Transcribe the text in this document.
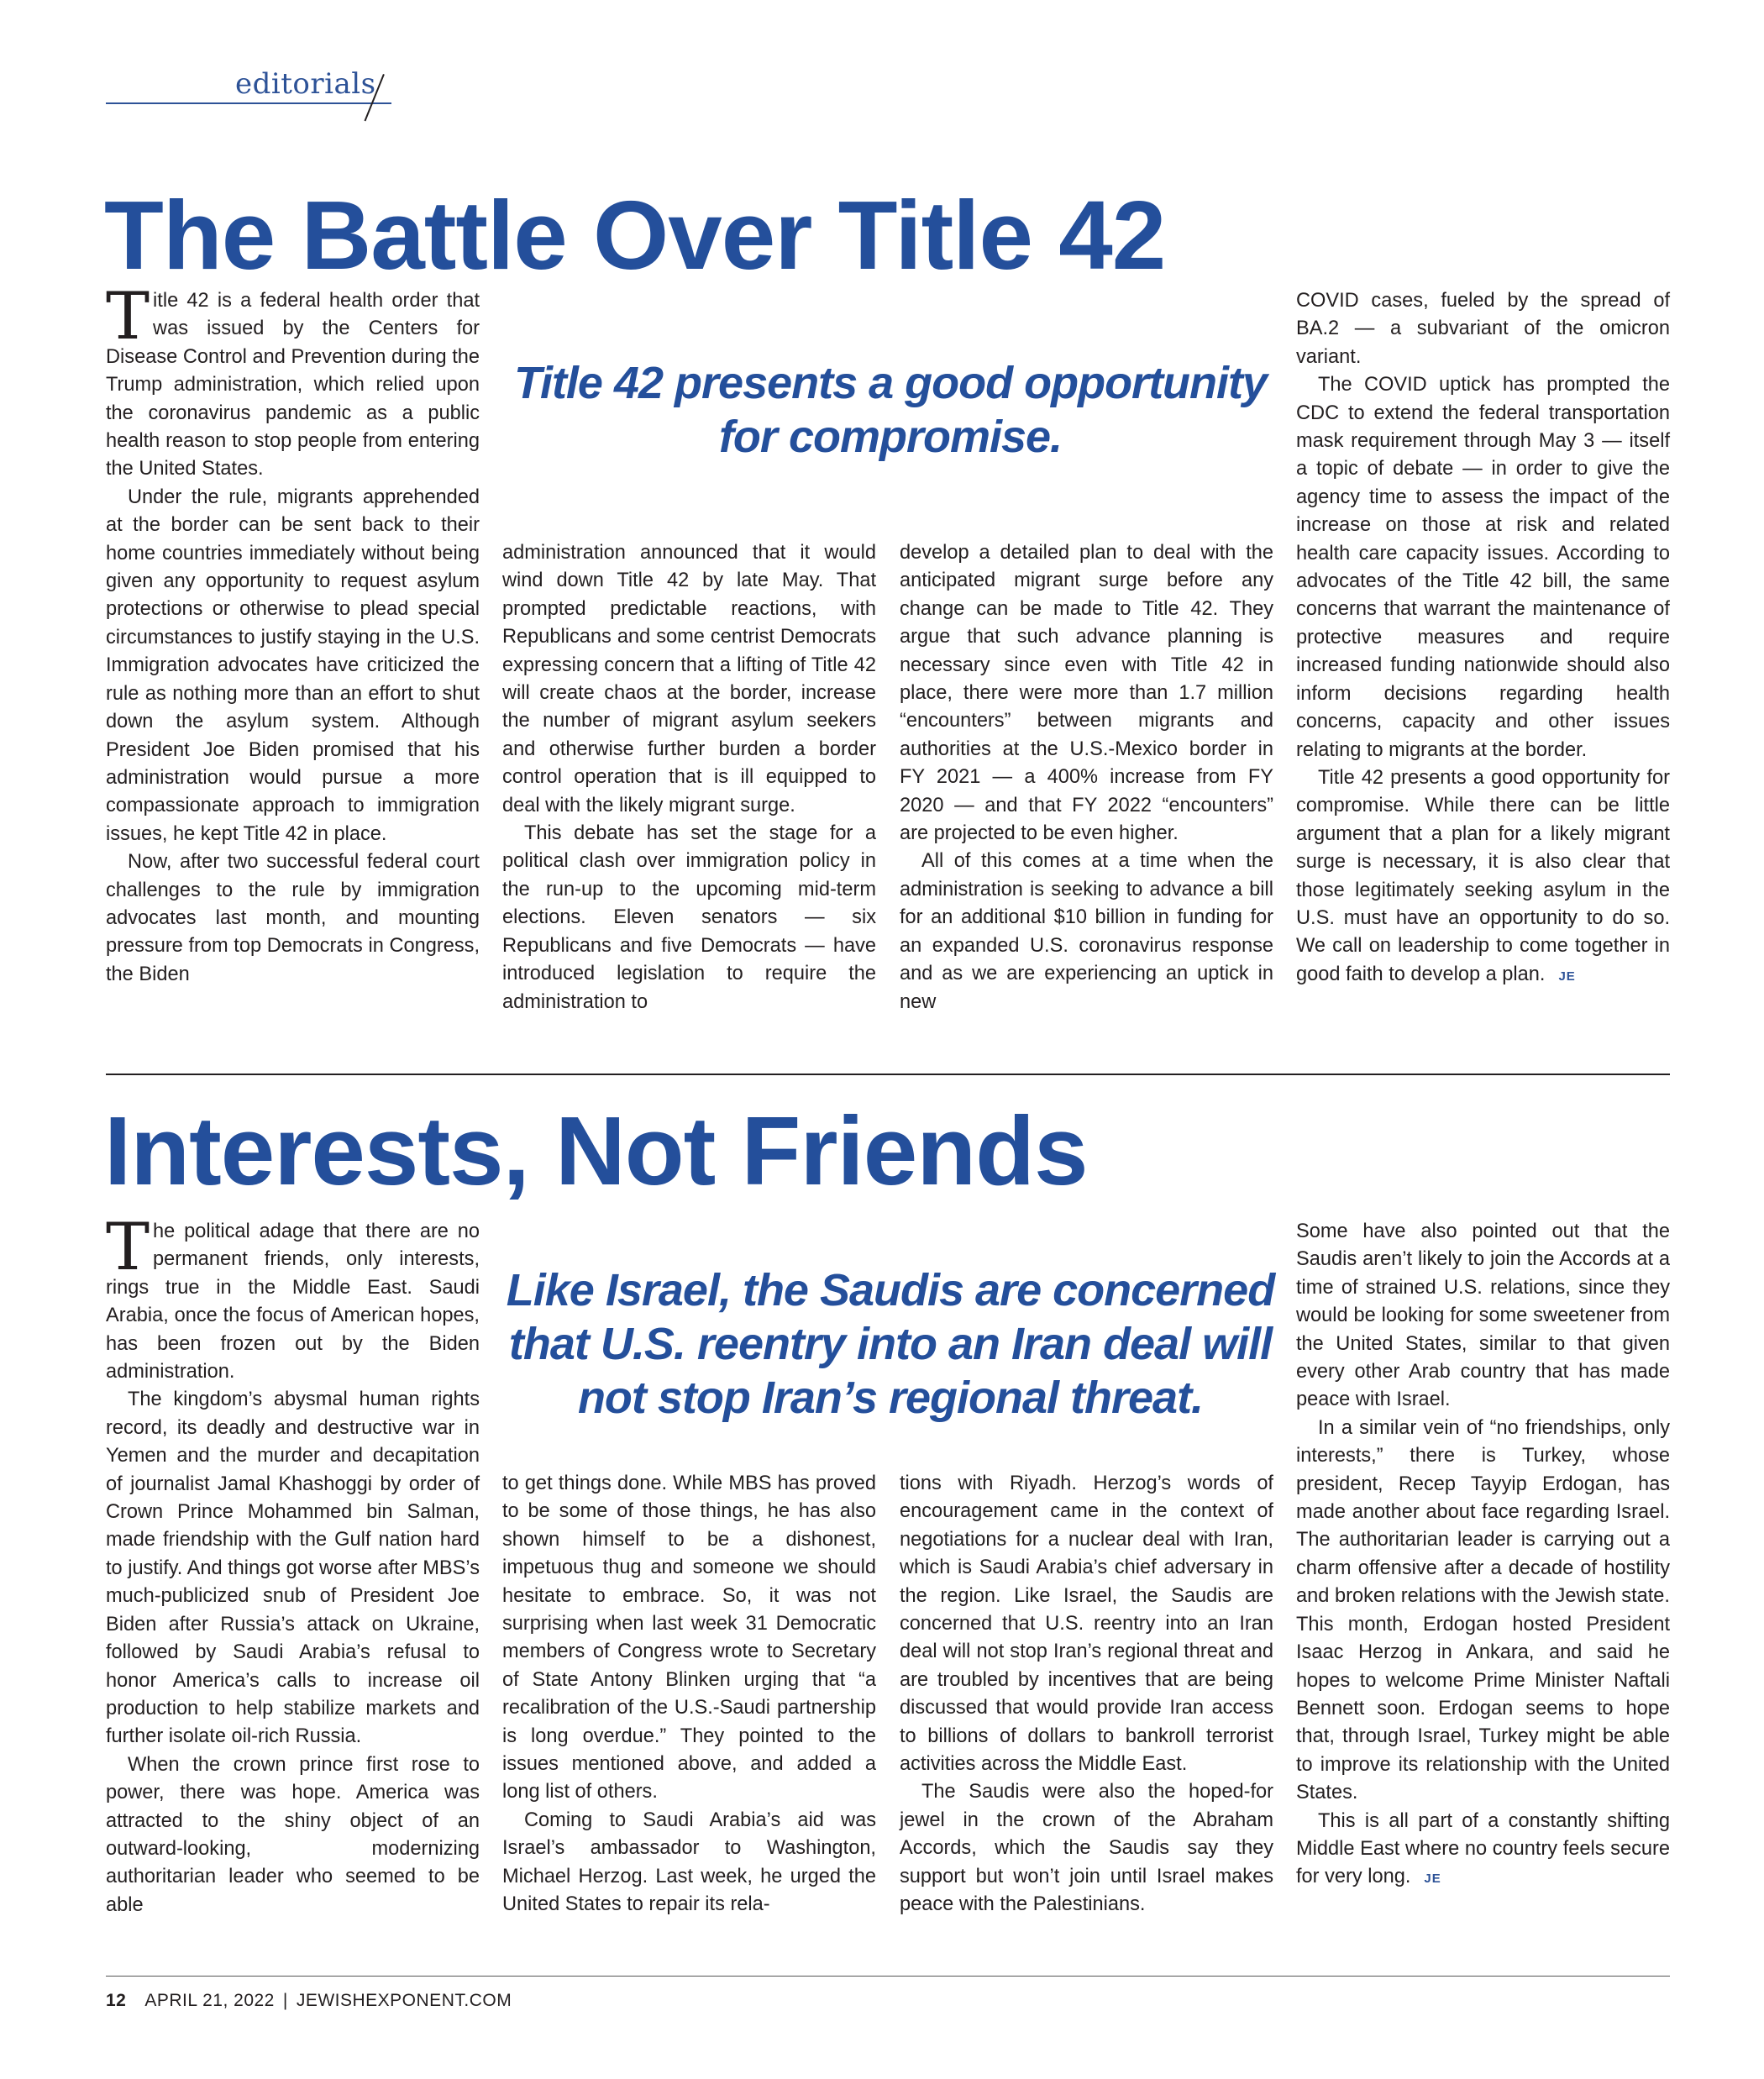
editorials
The Battle Over Title 42

Title 42 presents a good opportunity for compromise.

Title 42 is a federal health order that was issued by the Centers for Disease Control and Prevention during the Trump administration, which relied upon the coronavirus pandemic as a public health reason to stop people from entering the United States.

Under the rule, migrants apprehended at the border can be sent back to their home countries immediately without being given any opportunity to request asylum protections or otherwise to plead special circumstances to justify staying in the U.S. Immigration advocates have criticized the rule as nothing more than an effort to shut down the asylum system. Although President Joe Biden promised that his administration would pursue a more compassionate approach to immigration issues, he kept Title 42 in place.

Now, after two successful federal court challenges to the rule by immigration advocates last month, and mounting pressure from top Democrats in Congress, the Biden

administration announced that it would wind down Title 42 by late May. That prompted predictable reactions, with Republicans and some centrist Democrats expressing concern that a lifting of Title 42 will create chaos at the border, increase the number of migrant asylum seekers and otherwise further burden a border control operation that is ill equipped to deal with the likely migrant surge.

This debate has set the stage for a political clash over immigration policy in the run-up to the upcoming mid-term elections. Eleven senators — six Republicans and five Democrats — have introduced legislation to require the administration to

develop a detailed plan to deal with the anticipated migrant surge before any change can be made to Title 42. They argue that such advance planning is necessary since even with Title 42 in place, there were more than 1.7 million “encounters” between migrants and authorities at the U.S.-Mexico border in FY 2021 — a 400% increase from FY 2020 — and that FY 2022 “encounters” are projected to be even higher.

All of this comes at a time when the administration is seeking to advance a bill for an additional $10 billion in funding for an expanded U.S. coronavirus response and as we are experiencing an uptick in new

COVID cases, fueled by the spread of BA.2 — a subvariant of the omicron variant.

The COVID uptick has prompted the CDC to extend the federal transportation mask requirement through May 3 — itself a topic of debate — in order to give the agency time to assess the impact of the increase on those at risk and related health care capacity issues. According to advocates of the Title 42 bill, the same concerns that warrant the maintenance of protective measures and require increased funding nationwide should also inform decisions regarding health concerns, capacity and other issues relating to migrants at the border.

Title 42 presents a good opportunity for compromise. While there can be little argument that a plan for a likely migrant surge is necessary, it is also clear that those legitimately seeking asylum in the U.S. must have an opportunity to do so. We call on leadership to come together in good faith to develop a plan. JE

Interests, Not Friends

Like Israel, the Saudis are concerned that U.S. reentry into an Iran deal will not stop Iran’s regional threat.

The political adage that there are no permanent friends, only interests, rings true in the Middle East. Saudi Arabia, once the focus of American hopes, has been frozen out by the Biden administration.

The kingdom’s abysmal human rights record, its deadly and destructive war in Yemen and the murder and decapitation of journalist Jamal Khashoggi by order of Crown Prince Mohammed bin Salman, made friendship with the Gulf nation hard to justify. And things got worse after MBS’s much-publicized snub of President Joe Biden after Russia’s attack on Ukraine, followed by Saudi Arabia’s refusal to honor America’s calls to increase oil production to help stabilize markets and further isolate oil-rich Russia.

When the crown prince first rose to power, there was hope. America was attracted to the shiny object of an outward-looking, modernizing authoritarian leader who seemed to be able

to get things done. While MBS has proved to be some of those things, he has also shown himself to be a dishonest, impetuous thug and someone we should hesitate to embrace. So, it was not surprising when last week 31 Democratic members of Congress wrote to Secretary of State Antony Blinken urging that “a recalibration of the U.S.-Saudi partnership is long overdue.” They pointed to the issues mentioned above, and added a long list of others.

Coming to Saudi Arabia’s aid was Israel’s ambassador to Washington, Michael Herzog. Last week, he urged the United States to repair its rela-

tions with Riyadh. Herzog’s words of encouragement came in the context of negotiations for a nuclear deal with Iran, which is Saudi Arabia’s chief adversary in the region. Like Israel, the Saudis are concerned that U.S. reentry into an Iran deal will not stop Iran’s regional threat and are troubled by incentives that are being discussed that would provide Iran access to billions of dollars to bankroll terrorist activities across the Middle East.

The Saudis were also the hoped-for jewel in the crown of the Abraham Accords, which the Saudis say they support but won’t join until Israel makes peace with the Palestinians.

Some have also pointed out that the Saudis aren’t likely to join the Accords at a time of strained U.S. relations, since they would be looking for some sweetener from the United States, similar to that given every other Arab country that has made peace with Israel.

In a similar vein of “no friendships, only interests,” there is Turkey, whose president, Recep Tayyip Erdogan, has made another about face regarding Israel. The authoritarian leader is carrying out a charm offensive after a decade of hostility and broken relations with the Jewish state. This month, Erdogan hosted President Isaac Herzog in Ankara, and said he hopes to welcome Prime Minister Naftali Bennett soon. Erdogan seems to hope that, through Israel, Turkey might be able to improve its relationship with the United States.

This is all part of a constantly shifting Middle East where no country feels secure for very long. JE

12 APRIL 21, 2022 | JEWISHEXPONENT.COM
